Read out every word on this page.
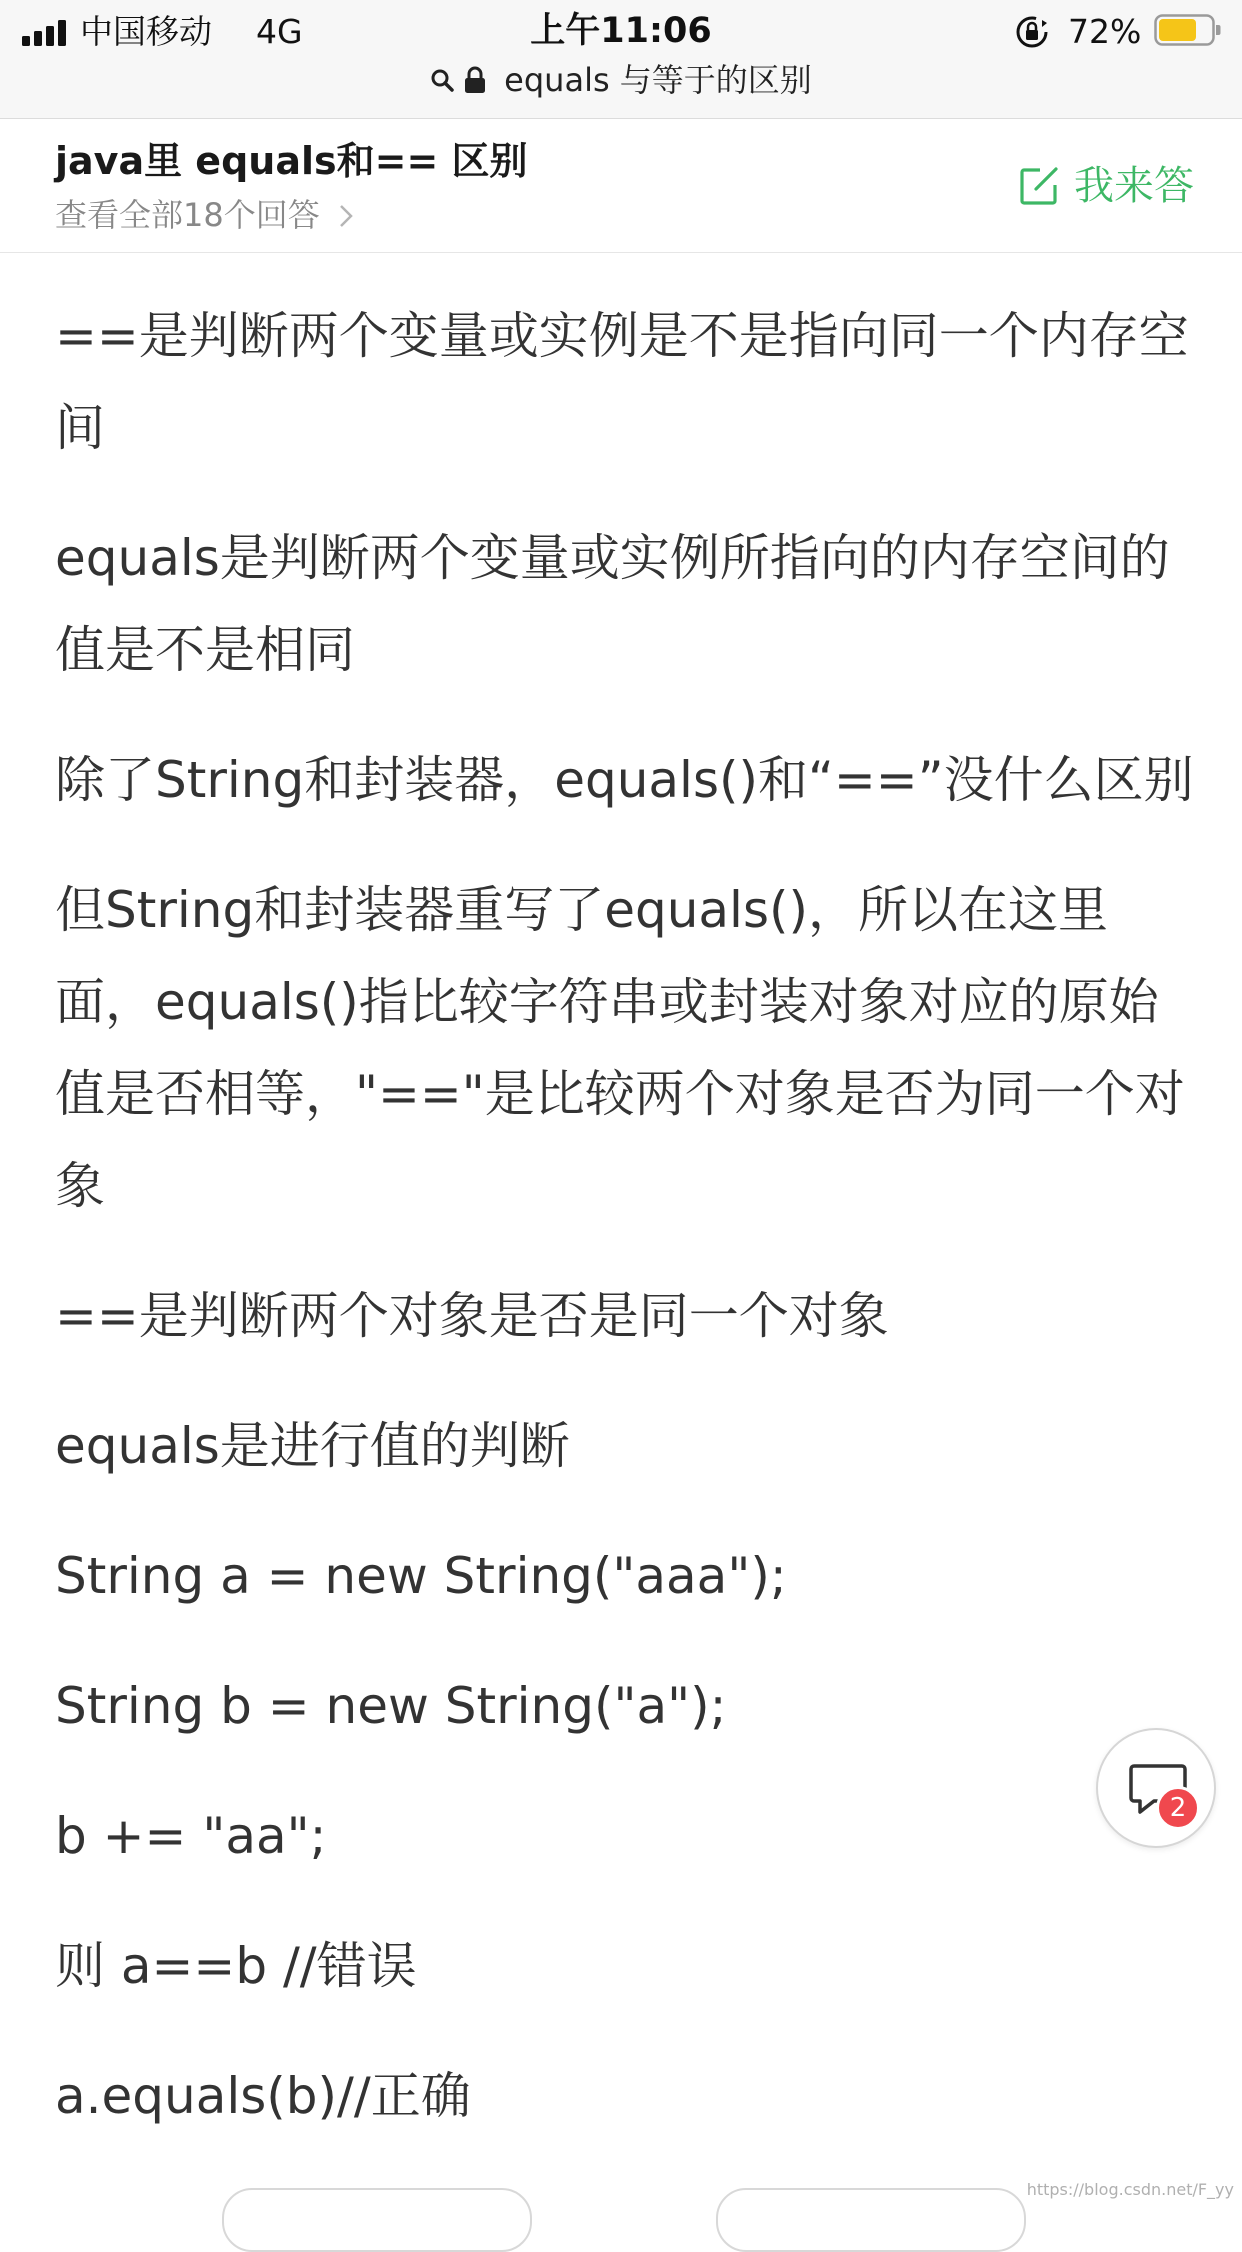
中国移动 4G	上午11:06	72%
equals 与等于的区别
java里 equals和== 区别
查看全部18个回答
我来答

==是判断两个变量或实例是不是指向同一个内存空间

equals是判断两个变量或实例所指向的内存空间的值是不是相同

除了String和封装器，equals()和“==”没什么区别

但String和封装器重写了equals()，所以在这里面，equals()指比较字符串或封装对象对应的原始值是否相等，"=="是比较两个对象是否为同一个对象

==是判断两个对象是否是同一个对象

equals是进行值的判断

String a = new String("aaa");

String b = new String("a");

b += "aa";

则 a==b //错误

a.equals(b)//正确

2
https://blog.csdn.net/F_yy
